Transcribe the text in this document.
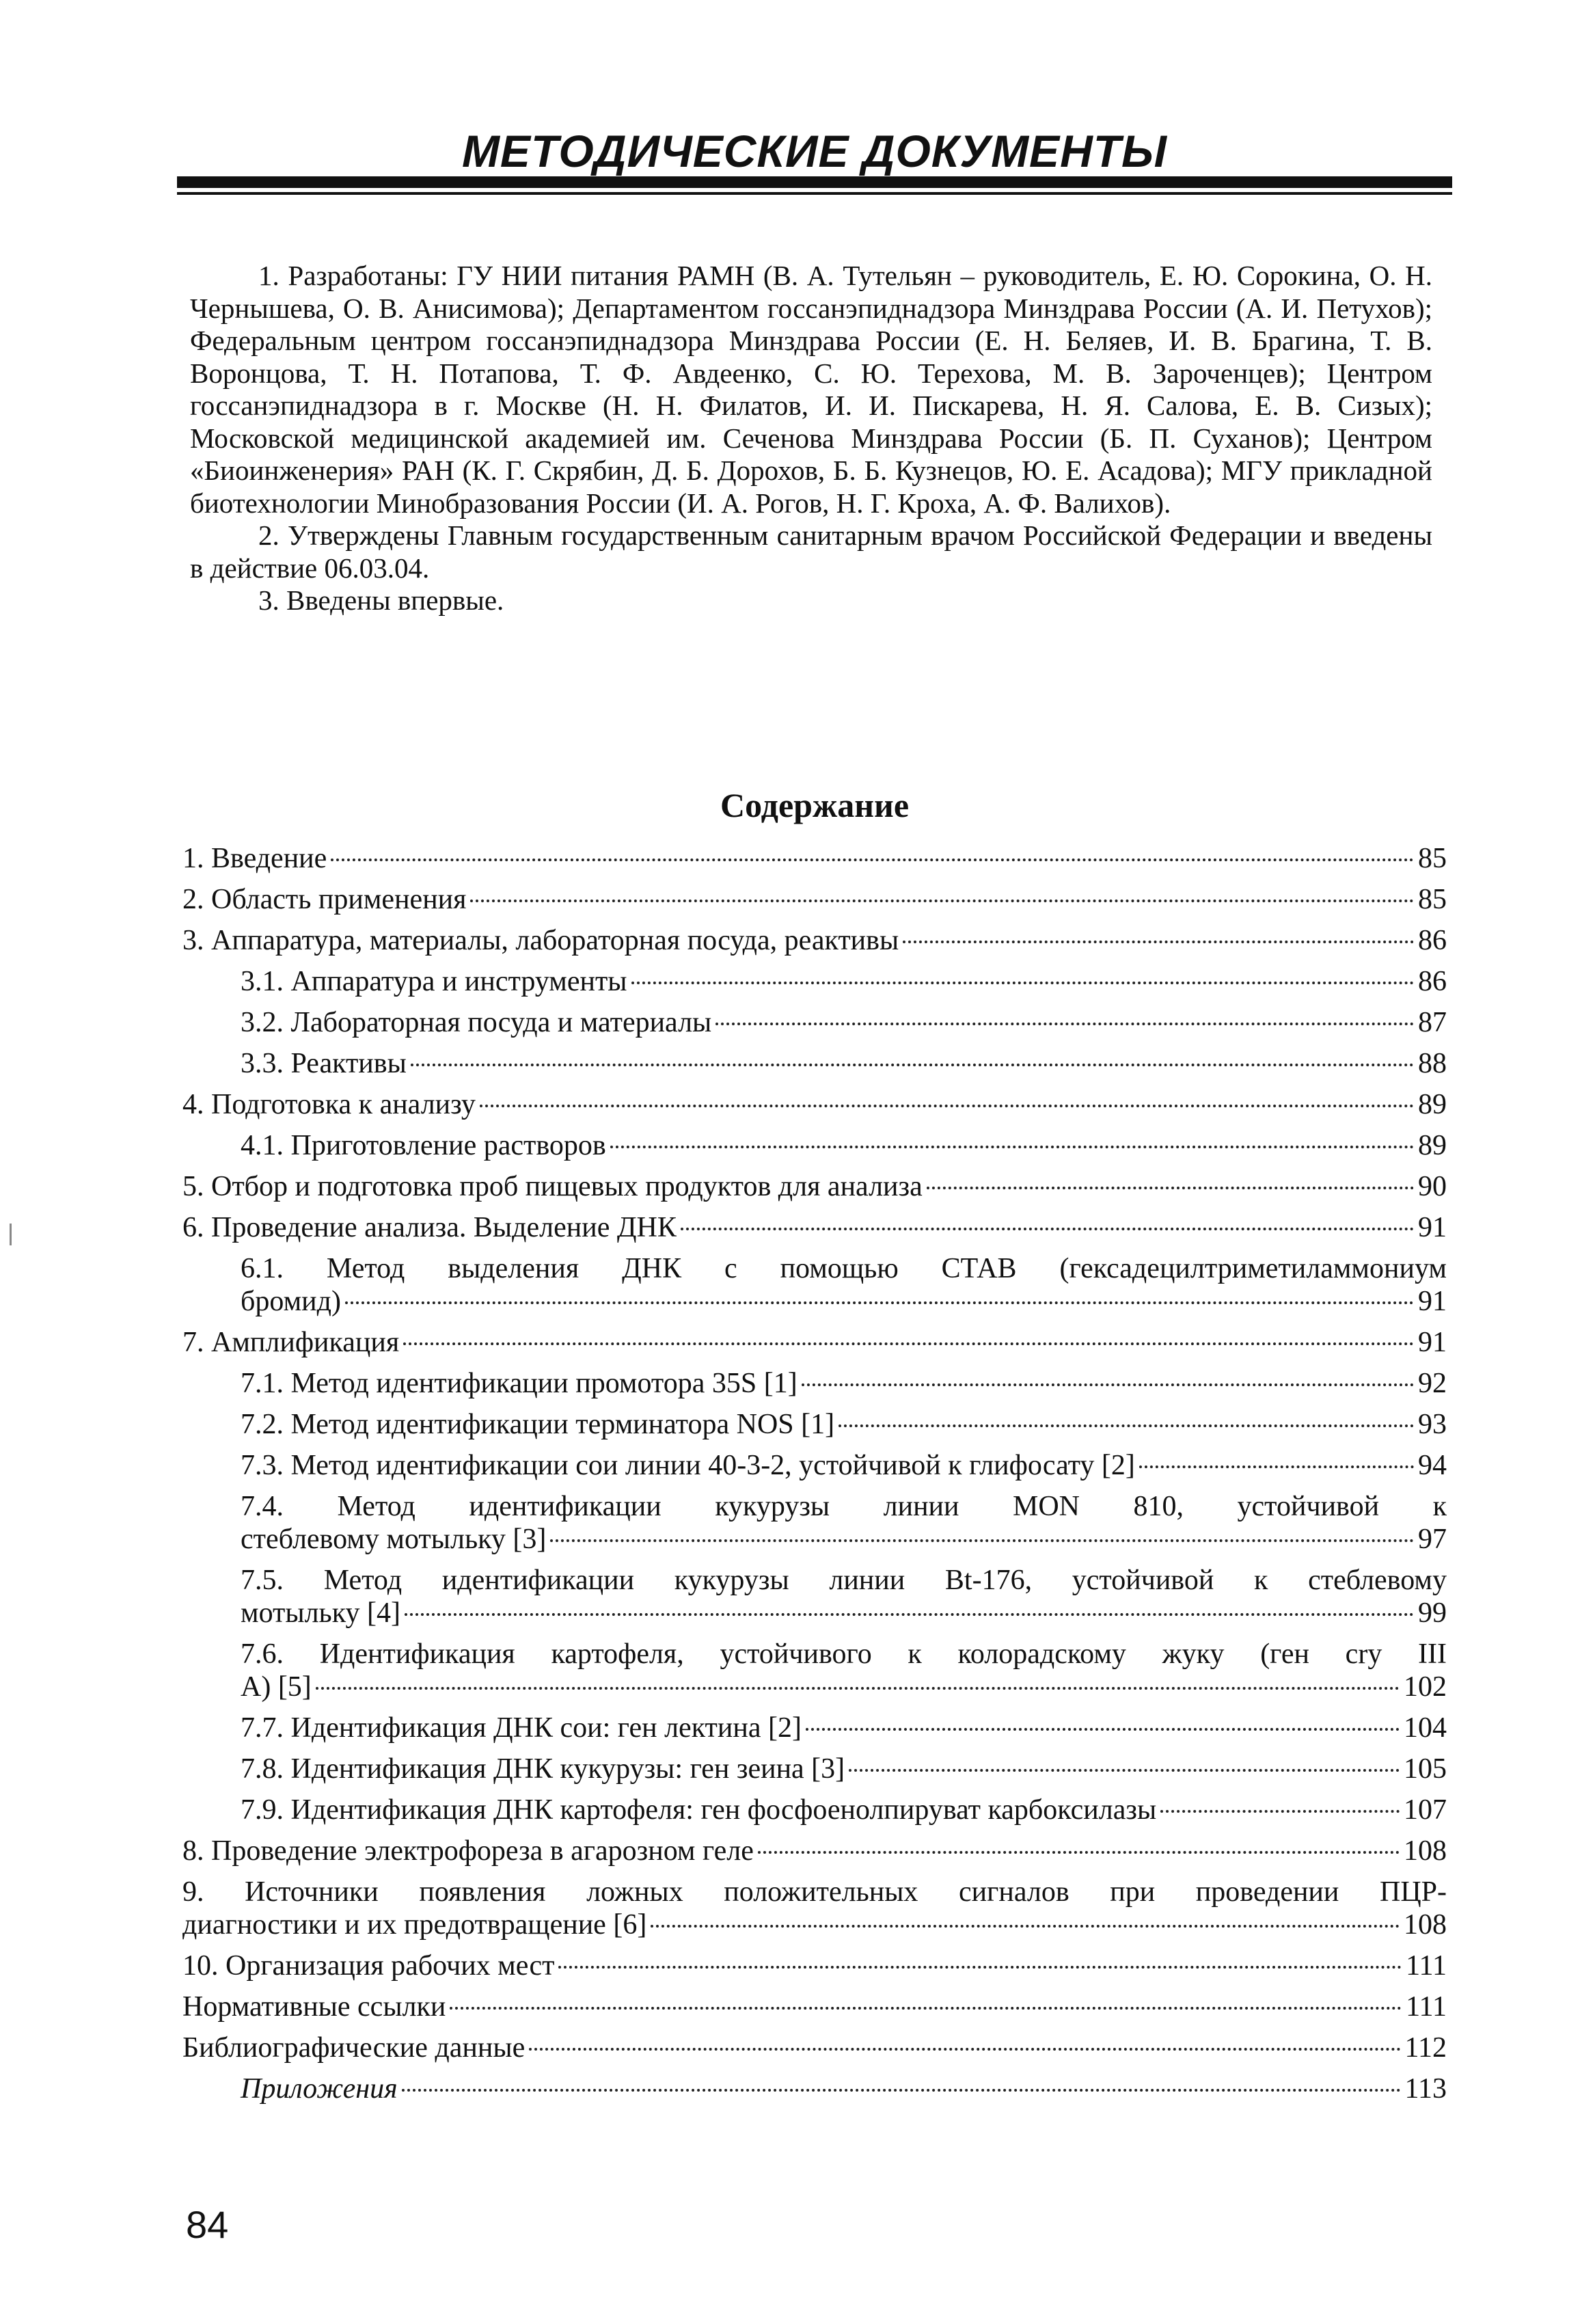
МЕТОДИЧЕСКИЕ ДОКУМЕНТЫ

1. Разработаны: ГУ НИИ питания РАМН (В. А. Тутельян – руководитель, Е. Ю. Сорокина, О. Н. Чернышева, О. В. Анисимова); Департаментом госсанэпиднадзора Минздрава России (А. И. Петухов); Федеральным центром госсанэпиднадзора Минздрава России (Е. Н. Беляев, И. В. Брагина, Т. В. Воронцова, Т. Н. Потапова, Т. Ф. Авдеенко, С. Ю. Терехова, М. В. Зароченцев); Центром госсанэпиднадзора в г. Москве (Н. Н. Филатов, И. И. Пискарева, Н. Я. Салова, Е. В. Сизых); Московской медицинской академией им. Сеченова Минздрава России (Б. П. Суханов); Центром «Биоинженерия» РАН (К. Г. Скрябин, Д. Б. Дорохов, Б. Б. Кузнецов, Ю. Е. Асадова); МГУ прикладной биотехнологии Минобразования России (И. А. Рогов, Н. Г. Кроха, А. Ф. Валихов).

2. Утверждены Главным государственным санитарным врачом Российской Федерации и введены в действие 06.03.04.

3. Введены впервые.

Содержание
1. Введение	85
2. Область применения	85
3. Аппаратура, материалы, лабораторная посуда, реактивы	86
3.1. Аппаратура и инструменты	86
3.2. Лабораторная посуда и материалы	87
3.3. Реактивы	88
4. Подготовка к анализу	89
4.1. Приготовление растворов	89
5. Отбор и подготовка проб пищевых продуктов для анализа	90
6. Проведение анализа. Выделение ДНК	91
6.1. Метод выделения ДНК с помощью СТАВ (гексадецилтриметиламмониум
бромид)	91
7. Амплификация	91
7.1. Метод идентификации промотора 35S [1]	92
7.2. Метод идентификации терминатора NOS [1]	93
7.3. Метод идентификации сои линии 40-3-2, устойчивой к глифосату [2]	94
7.4. Метод идентификации кукурузы линии MON 810, устойчивой к
стеблевому мотыльку [3]	97
7.5. Метод идентификации кукурузы линии Bt-176, устойчивой к стеблевому
мотыльку [4]	99
7.6. Идентификация картофеля, устойчивого к колорадскому жуку (ген cry III
A) [5]	102
7.7. Идентификация ДНК сои: ген лектина [2]	104
7.8. Идентификация ДНК кукурузы: ген зеина [3]	105
7.9. Идентификация ДНК картофеля: ген фосфоенолпируват карбоксилазы	107
8. Проведение электрофореза в агарозном геле	108
9. Источники появления ложных положительных сигналов при проведении ПЦР-
диагностики и их предотвращение [6]	108
10. Организация рабочих мест	111
Нормативные ссылки	111
Библиографические данные	112
Приложения	113
84
